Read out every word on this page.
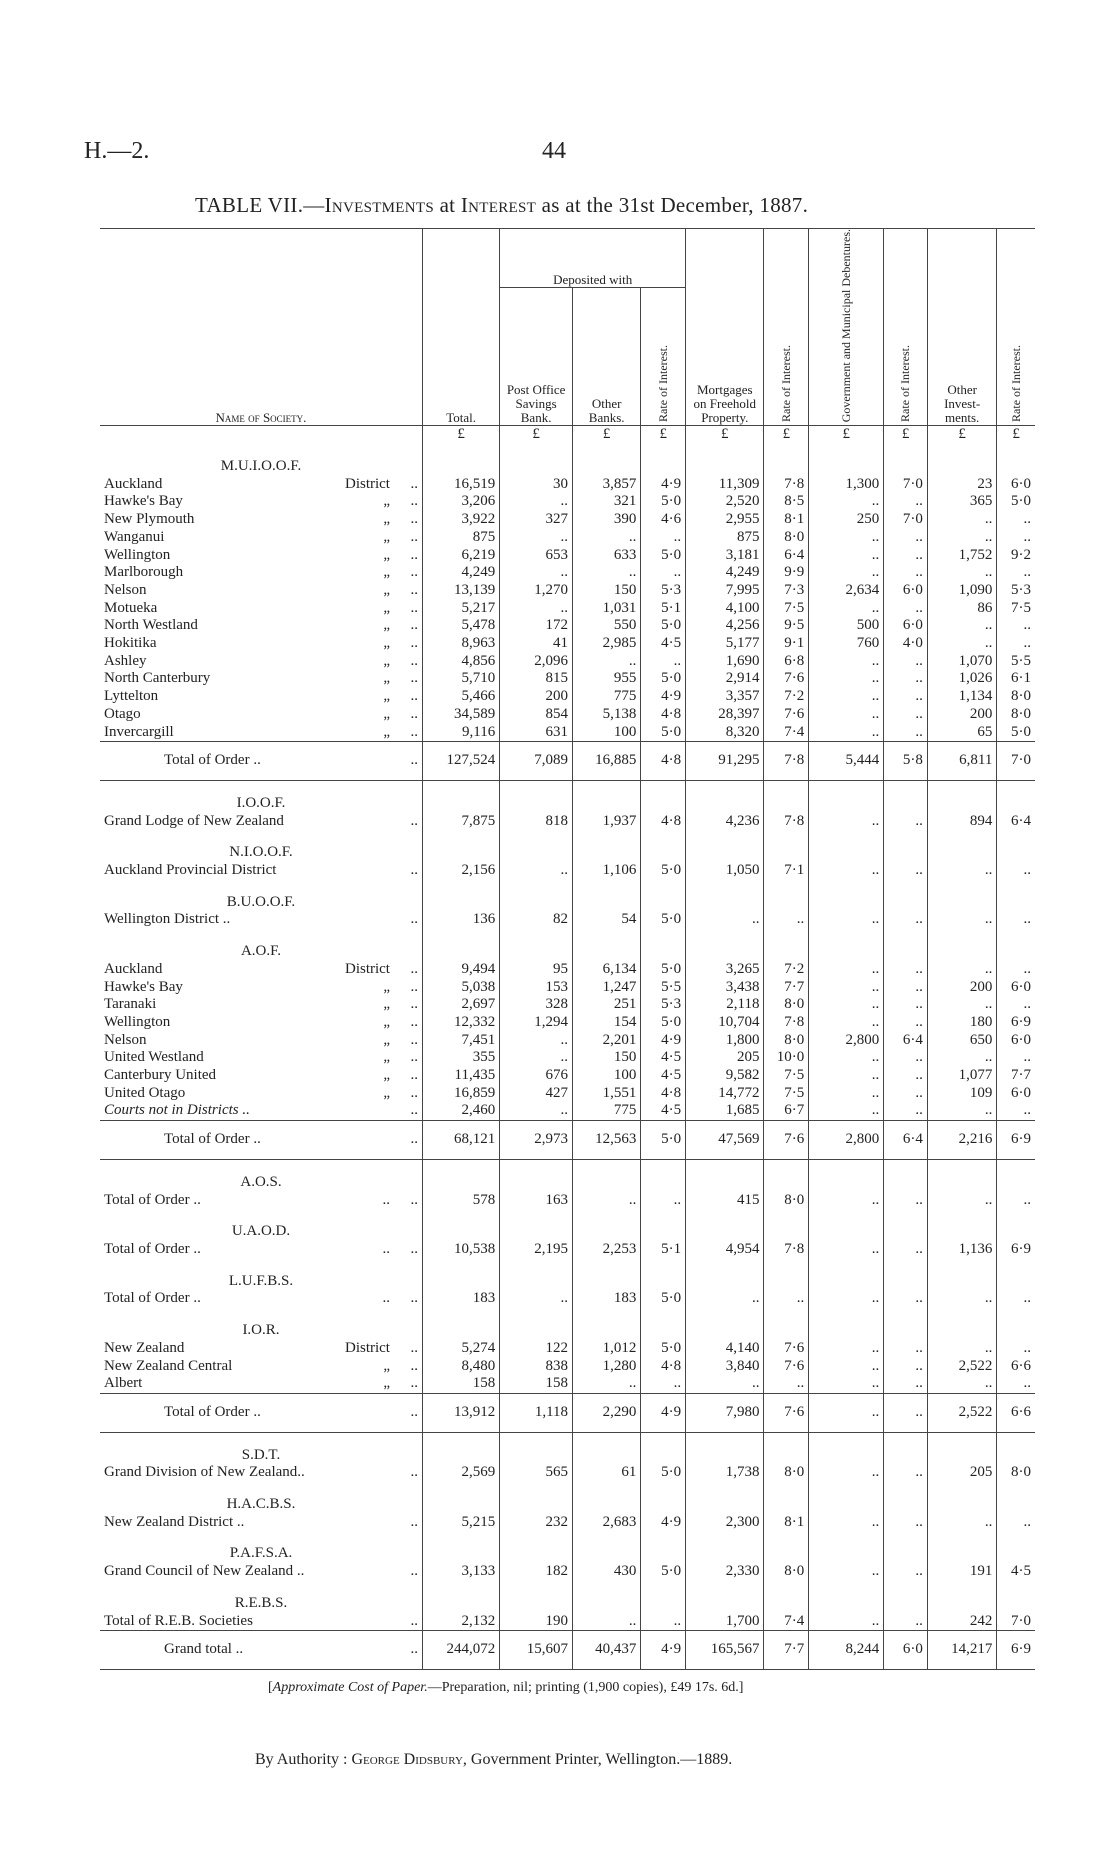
H.—2.	44
TABLE VII.—Investments at Interest as at the 31st December, 1887.
Name of Society.	Total.	Deposited with			Mortgages on Freehold Property.	Rate of Interest.	Government and Municipal Debentures.	Rate of Interest.	Other Invest-ments.	Rate of Interest.
		Post Office Savings Bank.	Other Banks.	Rate of Interest.						
	£	£	£	£	£	£	£	£	£	£
M.U.I.O.O.F.										

Auckland District ..	16,519	30	3,857	4·9	11,309	7·8	1,300	7·0	23	6·0

Hawke's Bay „ ..	3,206	..	321	5·0	2,520	8·5	..	..	365	5·0

New Plymouth „ ..	3,922	327	390	4·6	2,955	8·1	250	7·0	..	..

Wanganui „ ..	875	..	..	..	875	8·0	..	..	..	..

Wellington „ ..	6,219	653	633	5·0	3,181	6·4	..	..	1,752	9·2

Marlborough „ ..	4,249	..	..	..	4,249	9·9	..	..	..	..

Nelson „ ..	13,139	1,270	150	5·3	7,995	7·3	2,634	6·0	1,090	5·3

Motueka „ ..	5,217	..	1,031	5·1	4,100	7·5	..	..	86	7·5

North Westland „ ..	5,478	172	550	5·0	4,256	9·5	500	6·0	..	..

Hokitika „ ..	8,963	41	2,985	4·5	5,177	9·1	760	4·0	..	..

Ashley „ ..	4,856	2,096	..	..	1,690	6·8	..	..	1,070	5·5

North Canterbury „ ..	5,710	815	955	5·0	2,914	7·6	..	..	1,026	6·1

Lyttelton „ ..	5,466	200	775	4·9	3,357	7·2	..	..	1,134	8·0

Otago „ ..	34,589	854	5,138	4·8	28,397	7·6	..	..	200	8·0

Invercargill „ ..	9,116	631	100	5·0	8,320	7·4	..	..	65	5·0

Total of Order .. ..	127,524	7,089	16,885	4·8	91,295	7·8	5,444	5·8	6,811	7·0
I.O.O.F.										

Grand Lodge of New Zealand ..	7,875	818	1,937	4·8	4,236	7·8	..	..	894	6·4
N.I.O.O.F.										

Auckland Provincial District ..	2,156	..	1,106	5·0	1,050	7·1	..	..	..	..
B.U.O.O.F.										

Wellington District .. ..	136	82	54	5·0	..	..	..	..	..	..
A.O.F.										

Auckland District ..	9,494	95	6,134	5·0	3,265	7·2	..	..	..	..

Hawke's Bay „ ..	5,038	153	1,247	5·5	3,438	7·7	..	..	200	6·0

Taranaki „ ..	2,697	328	251	5·3	2,118	8·0	..	..	..	..

Wellington „ ..	12,332	1,294	154	5·0	10,704	7·8	..	..	180	6·9

Nelson „ ..	7,451	..	2,201	4·9	1,800	8·0	2,800	6·4	650	6·0

United Westland „ ..	355	..	150	4·5	205	10·0	..	..	..	..

Canterbury United „ ..	11,435	676	100	4·5	9,582	7·5	..	..	1,077	7·7

United Otago „ ..	16,859	427	1,551	4·8	14,772	7·5	..	..	109	6·0

Courts not in Districts .. ..	2,460	..	775	4·5	1,685	6·7	..	..	..	..

Total of Order .. ..	68,121	2,973	12,563	5·0	47,569	7·6	2,800	6·4	2,216	6·9
A.O.S.										

Total of Order .. .. ..	578	163	..	..	415	8·0	..	..	..	..
U.A.O.D.										

Total of Order .. .. ..	10,538	2,195	2,253	5·1	4,954	7·8	..	..	1,136	6·9
L.U.F.B.S.										

Total of Order .. .. ..	183	..	183	5·0	..	..	..	..	..	..
I.O.R.										

New Zealand District ..	5,274	122	1,012	5·0	4,140	7·6	..	..	..	..

New Zealand Central „ ..	8,480	838	1,280	4·8	3,840	7·6	..	..	2,522	6·6

Albert „ ..	158	158	..	..	..	..	..	..	..	..

Total of Order .. ..	13,912	1,118	2,290	4·9	7,980	7·6	..	..	2,522	6·6
S.D.T.										

Grand Division of New Zealand.. ..	2,569	565	61	5·0	1,738	8·0	..	..	205	8·0
H.A.C.B.S.										

New Zealand District .. ..	5,215	232	2,683	4·9	2,300	8·1	..	..	..	..
P.A.F.S.A.										

Grand Council of New Zealand .. ..	3,133	182	430	5·0	2,330	8·0	..	..	191	4·5
R.E.B.S.										

Total of R.E.B. Societies ..	2,132	190	..	..	1,700	7·4	..	..	242	7·0

Grand total .. ..	244,072	15,607	40,437	4·9	165,567	7·7	8,244	6·0	14,217	6·9
[Approximate Cost of Paper.—Preparation, nil; printing (1,900 copies), £49 17s. 6d.]
By Authority : George Didsbury, Government Printer, Wellington.—1889.
